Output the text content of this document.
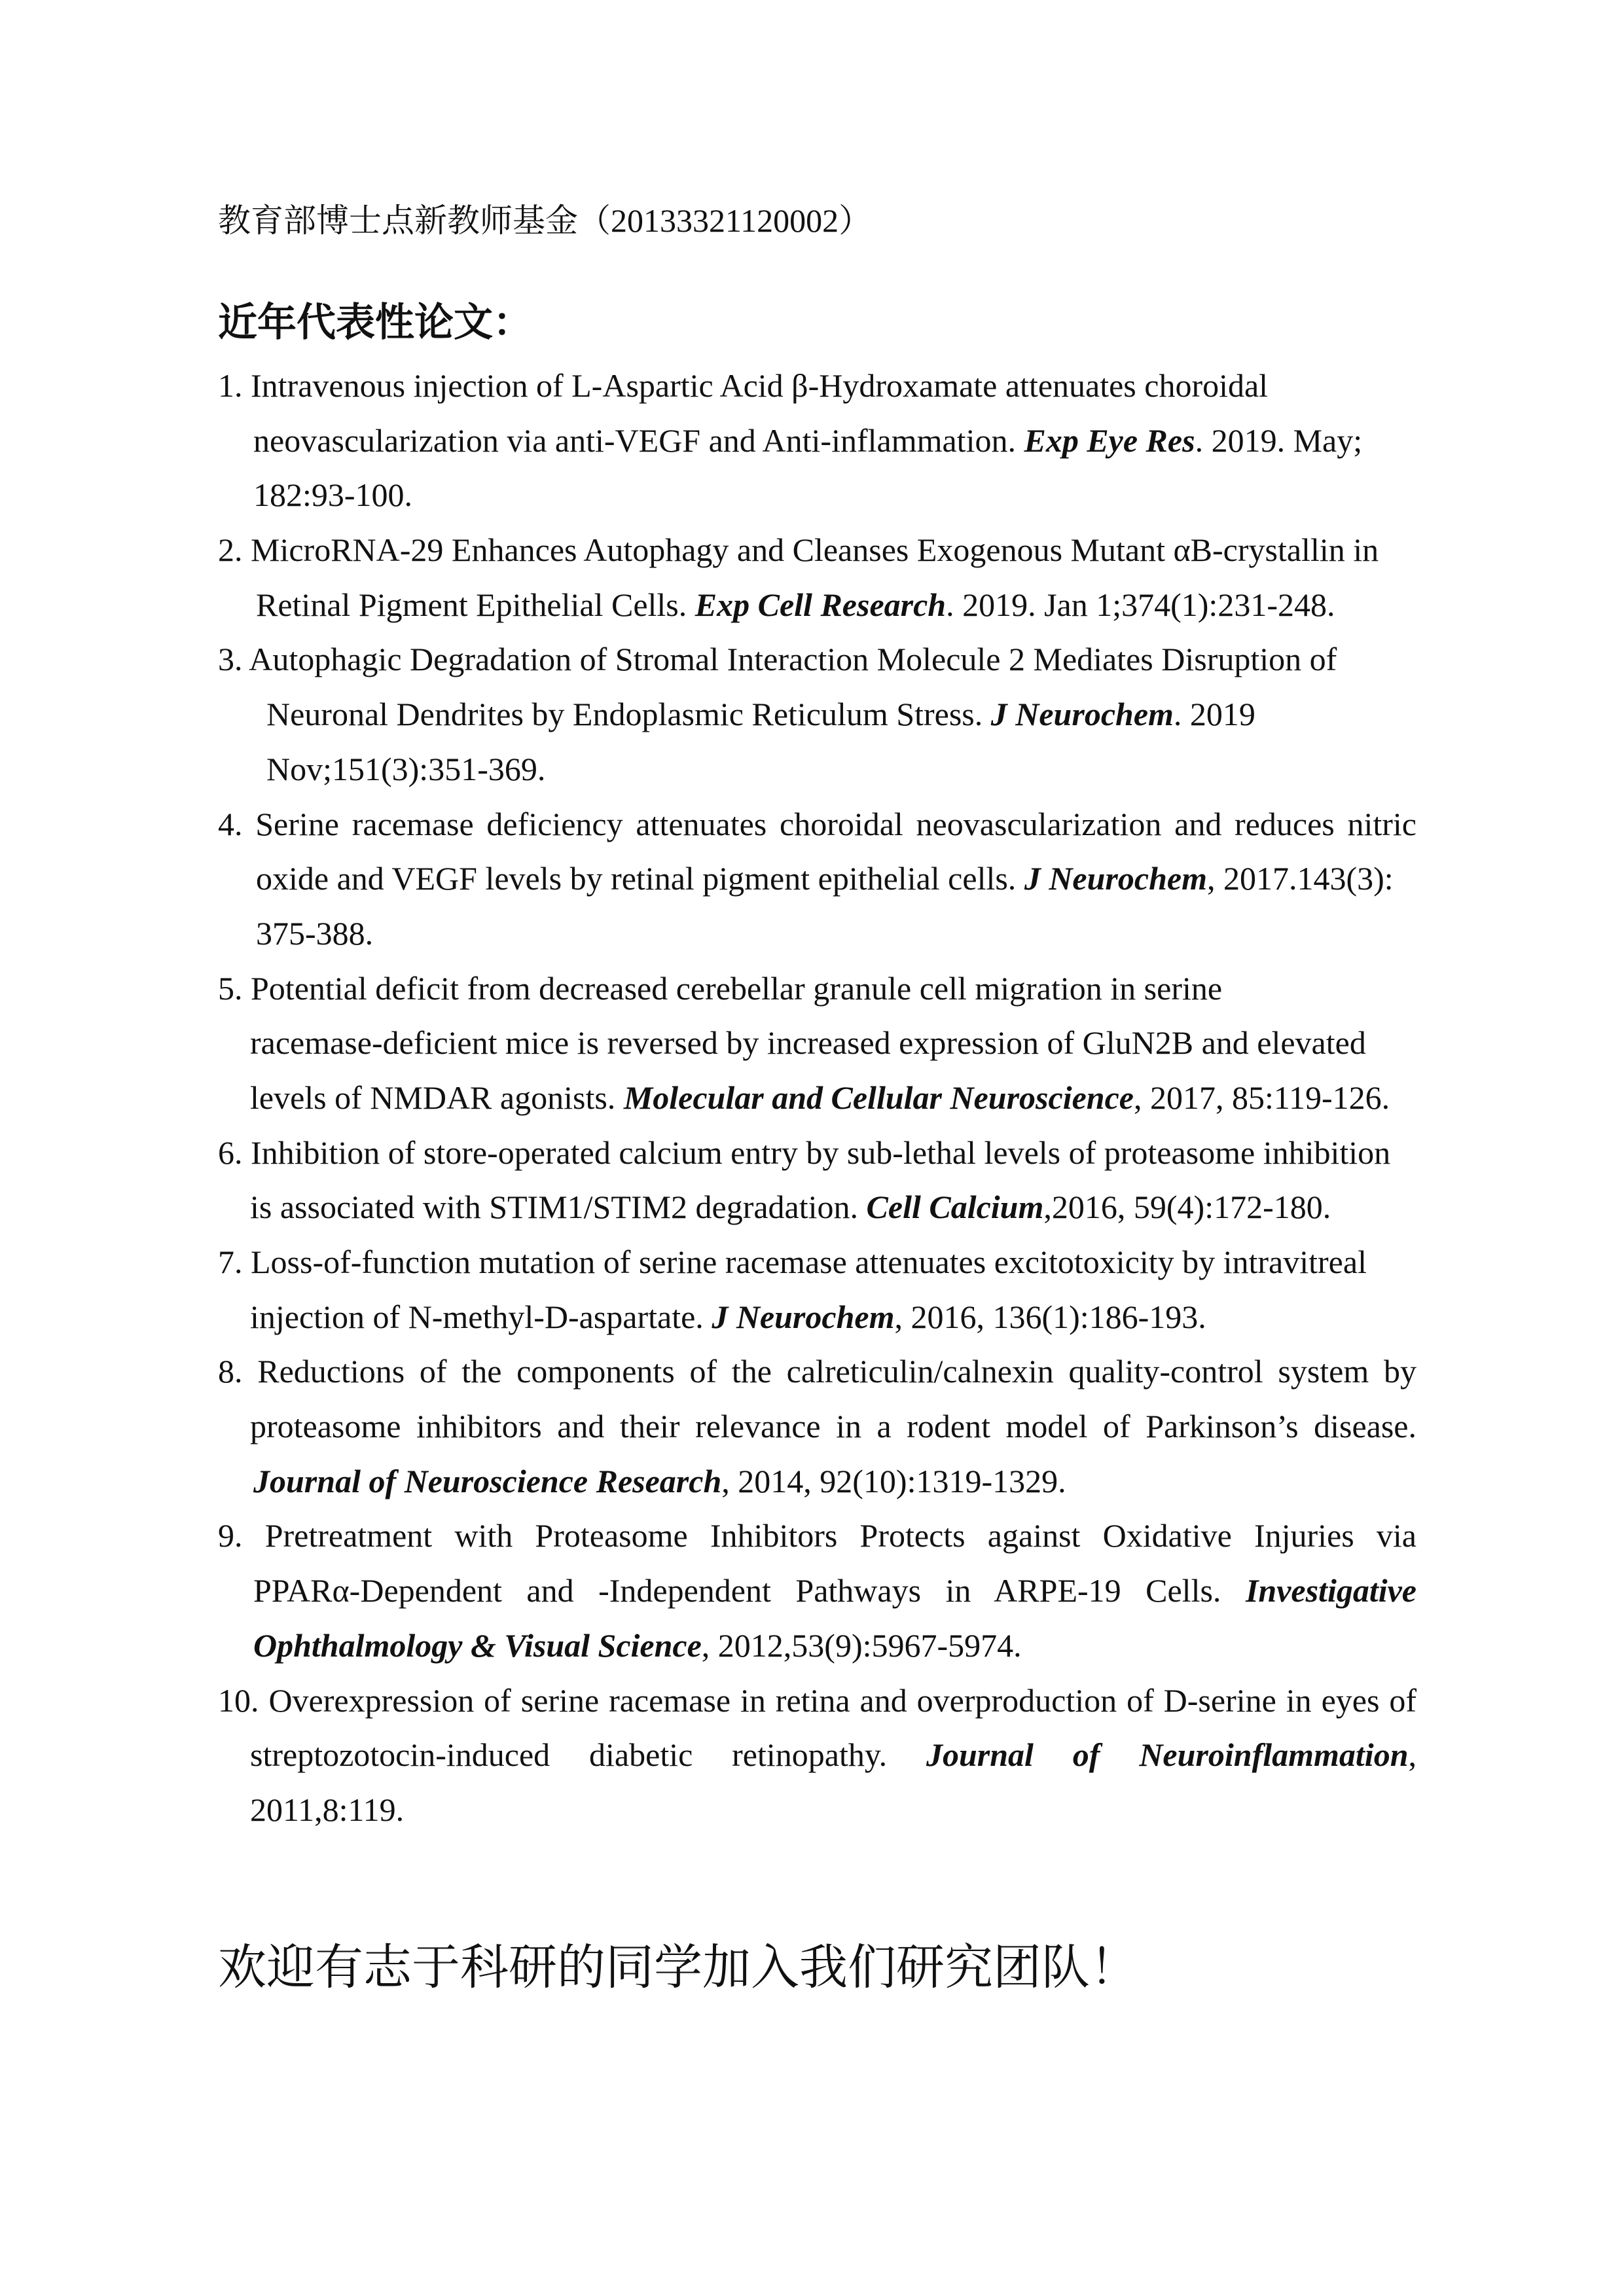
教育部博士点新教师基金（20133321120002）
近年代表性论文：
1. Intravenous injection of L-Aspartic Acid β-Hydroxamate attenuates choroidal
neovascularization via anti-VEGF and Anti-inflammation. Exp Eye Res. 2019. May;
182:93-100.
2. MicroRNA-29 Enhances Autophagy and Cleanses Exogenous Mutant αB-crystallin in
Retinal Pigment Epithelial Cells. Exp Cell Research. 2019. Jan 1;374(1):231-248.
3. Autophagic Degradation of Stromal Interaction Molecule 2 Mediates Disruption of
Neuronal Dendrites by Endoplasmic Reticulum Stress. J Neurochem. 2019
Nov;151(3):351-369.
4. Serine racemase deficiency attenuates choroidal neovascularization and reduces nitric
oxide and VEGF levels by retinal pigment epithelial cells. J Neurochem, 2017.143(3):
375-388.
5. Potential deficit from decreased cerebellar granule cell migration in serine
racemase-deficient mice is reversed by increased expression of GluN2B and elevated
levels of NMDAR agonists. Molecular and Cellular Neuroscience, 2017, 85:119-126.
6. Inhibition of store-operated calcium entry by sub-lethal levels of proteasome inhibition
is associated with STIM1/STIM2 degradation. Cell Calcium,2016, 59(4):172-180.
7. Loss-of-function mutation of serine racemase attenuates excitotoxicity by intravitreal
injection of N-methyl-D-aspartate. J Neurochem, 2016, 136(1):186-193.
8. Reductions of the components of the calreticulin/calnexin quality-control system by
proteasome inhibitors and their relevance in a rodent model of Parkinson’s disease.
Journal of Neuroscience Research, 2014, 92(10):1319-1329.
9. Pretreatment with Proteasome Inhibitors Protects against Oxidative Injuries via
PPARα-Dependent and -Independent Pathways in ARPE-19 Cells. Investigative
Ophthalmology & Visual Science, 2012,53(9):5967-5974.
10. Overexpression of serine racemase in retina and overproduction of D-serine in eyes of
streptozotocin-induced diabetic retinopathy. Journal of Neuroinflammation,
2011,8:119.
欢迎有志于科研的同学加入我们研究团队！
